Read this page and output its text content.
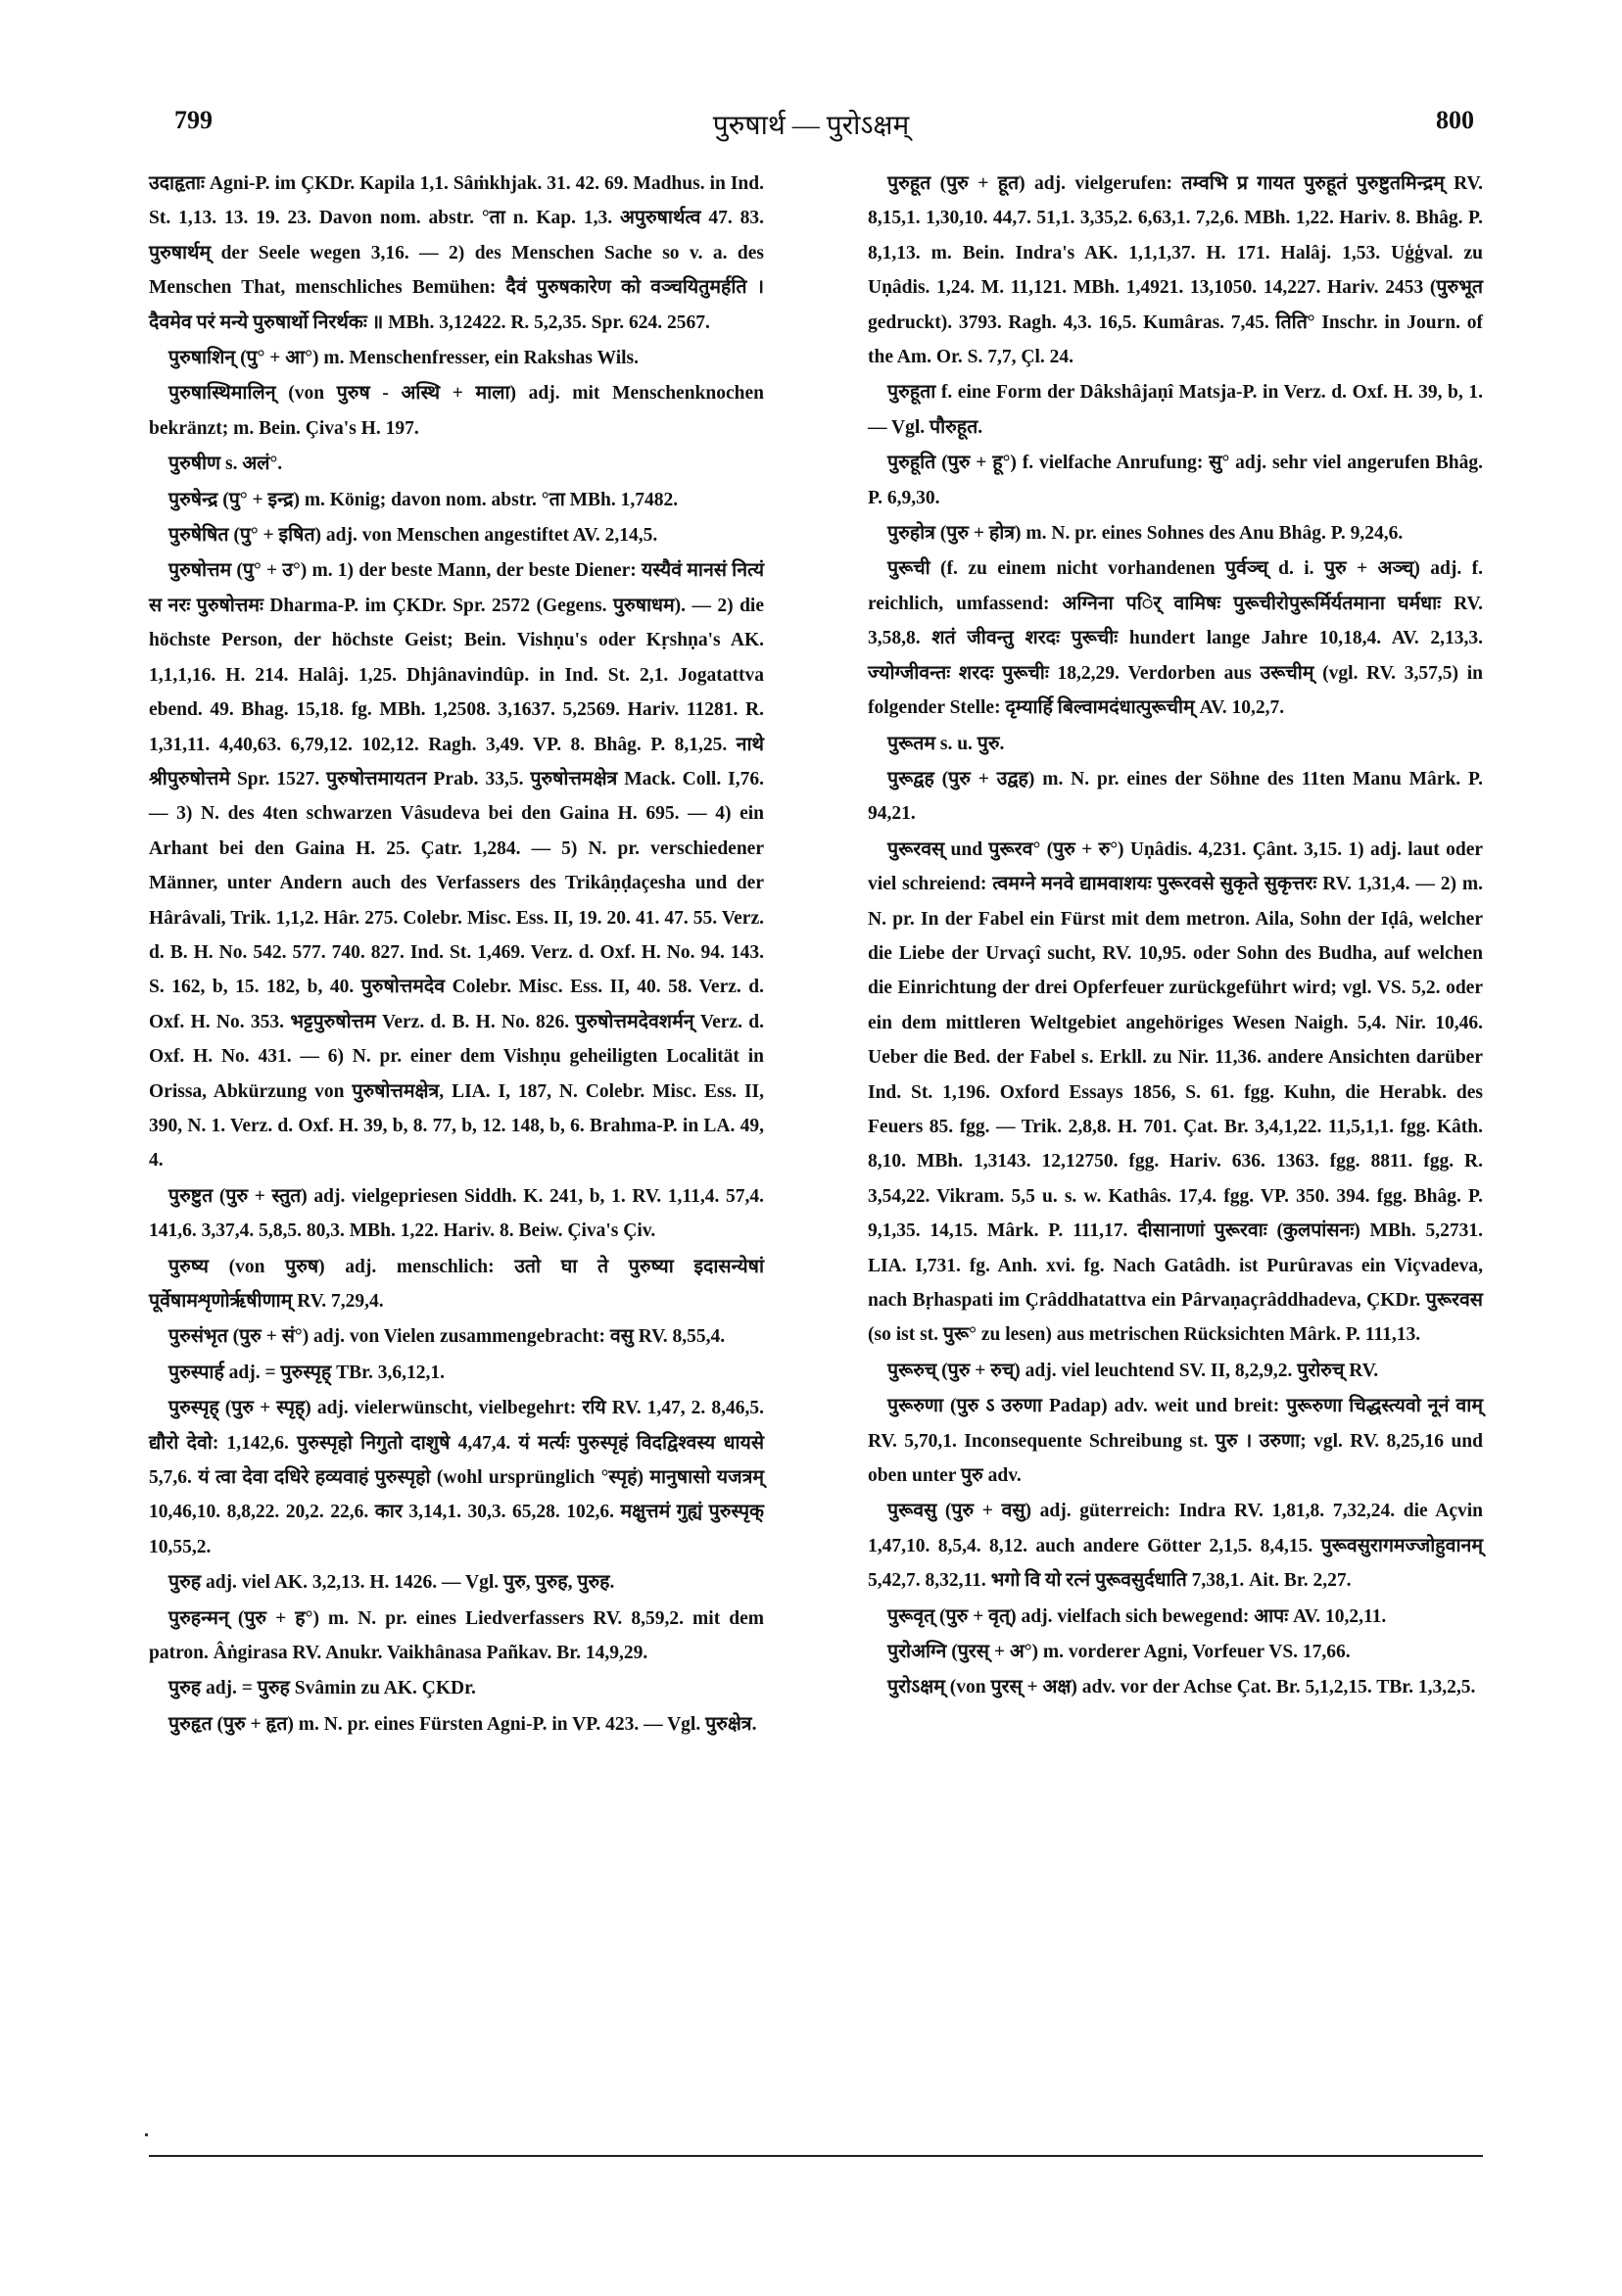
799	पुरुषार्थ — पुरोऽक्षम्	800

उदाहृताः Agni-P. im ÇKDr. Kapila 1,1. Sâṁkhjak. 31. 42. 69. Madhus. in Ind. St. 1,13. 13. 19. 23. Davon nom. abstr. °ता n. Kap. 1,3. अपुरुषार्थत्व 47. 83. पुरुषार्थम् der Seele wegen 3,16. — 2) des Menschen Sache so v. a. des Menschen That, menschliches Bemühen: दैवं पुरुषकारेण को वञ्चयितुमर्हति । दैवमेव परं मन्ये पुरुषार्थो निरर्थकः ॥ MBh. 3,12422. R. 5,2,35. Spr. 624. 2567.

पुरुषाशिन् (पु° + आ°) m. Menschenfresser, ein Rakshas Wils.

पुरुषास्थिमालिन् (von पुरुष - अस्थि + माला) adj. mit Menschenknochen bekränzt; m. Bein. Çiva's H. 197.

पुरुषीण s. अलं°.

पुरुषेन्द्र (पु° + इन्द्र) m. König; davon nom. abstr. °ता MBh. 1,7482.

पुरुषेषित (पु° + इषित) adj. von Menschen angestiftet AV. 2,14,5.

पुरुषोत्तम (पु° + उ°) m. 1) der beste Mann, der beste Diener: यस्यैवं मानसं नित्यं स नरः पुरुषोत्तमः Dharma-P. im ÇKDr. Spr. 2572 (Gegens. पुरुषाधम). — 2) die höchste Person, der höchste Geist; Bein. Vishṇu's oder Kṛshṇa's AK. 1,1,1,16. H. 214. Halâj. 1,25. Dhjânavindûp. in Ind. St. 2,1. Jogatattva ebend. 49. Bhag. 15,18. fg. MBh. 1,2508. 3,1637. 5,2569. Hariv. 11281. R. 1,31,11. 4,40,63. 6,79,12. 102,12. Ragh. 3,49. VP. 8. Bhâg. P. 8,1,25. नाथे श्रीपुरुषोत्तमे Spr. 1527. पुरुषोत्तमायतन Prab. 33,5. पुरुषोत्तमक्षेत्र Mack. Coll. I,76. — 3) N. des 4ten schwarzen Vâsudeva bei den Gaina H. 695. — 4) ein Arhant bei den Gaina H. 25. Çatr. 1,284. — 5) N. pr. verschiedener Männer, unter Andern auch des Verfassers des Trikâṇḍaçesha und der Hârâvali, Trik. 1,1,2. Hâr. 275. Colebr. Misc. Ess. II, 19. 20. 41. 47. 55. Verz. d. B. H. No. 542. 577. 740. 827. Ind. St. 1,469. Verz. d. Oxf. H. No. 94. 143. S. 162, b, 15. 182, b, 40. पुरुषोत्तमदेव Colebr. Misc. Ess. II, 40. 58. Verz. d. Oxf. H. No. 353. भट्टपुरुषोत्तम Verz. d. B. H. No. 826. पुरुषोत्तमदेवशर्मन् Verz. d. Oxf. H. No. 431. — 6) N. pr. einer dem Vishṇu geheiligten Localität in Orissa, Abkürzung von पुरुषोत्तमक्षेत्र, LIA. I, 187, N. Colebr. Misc. Ess. II, 390, N. 1. Verz. d. Oxf. H. 39, b, 8. 77, b, 12. 148, b, 6. Brahma-P. in LA. 49, 4.

पुरुष्टुत (पुरु + स्तुत) adj. vielgepriesen Siddh. K. 241, b, 1. RV. 1,11,4. 57,4. 141,6. 3,37,4. 5,8,5. 80,3. MBh. 1,22. Hariv. 8. Beiw. Çiva's Çiv.

पुरुष्य (von पुरुष) adj. menschlich: उतो घा ते पुरुष्या इदासन्येषां पूर्वेषामशृणोर्ऋषीणाम् RV. 7,29,4.

पुरुसंभृत (पुरु + सं°) adj. von Vielen zusammengebracht: वसु RV. 8,55,4.

पुरुस्पार्ह adj. = पुरुस्पृह् TBr. 3,6,12,1.

पुरुस्पृह् (पुरु + स्पृह्) adj. vielerwünscht, vielbegehrt: रयि RV. 1,47, 2. 8,46,5. द्यौरो देवो: 1,142,6. पुरुस्पृहो निगुतो दाशुषे 4,47,4. यं मर्त्यः पुरुस्पृहं विदद्विश्वस्य धायसे 5,7,6. यं त्वा देवा दधिरे हव्यवाहं पुरुस्पृहो (wohl ursprünglich °स्पृहं) मानुषासो यजत्रम् 10,46,10. 8,8,22. 20,2. 22,6. कार 3,14,1. 30,3. 65,28. 102,6. मक्षुत्तमं गुह्यं पुरुस्पृक् 10,55,2.

पुरुह adj. viel AK. 3,2,13. H. 1426. — Vgl. पुरु, पुरुह, पुरुह.

पुरुहन्मन् (पुरु + ह°) m. N. pr. eines Liedverfassers RV. 8,59,2. mit dem patron. Âṅgirasa RV. Anukr. Vaikhânasa Pañkav. Br. 14,9,29.

पुरुह adj. = पुरुह Svâmin zu AK. ÇKDr.

पुरुहृत (पुरु + हृत) m. N. pr. eines Fürsten Agni-P. in VP. 423. — Vgl. पुरुक्षेत्र.

पुरुहूत (पुरु + हूत) adj. vielgerufen: तम्वभि प्र गायत पुरुहूतं पुरुष्टुतमिन्द्रम् RV. 8,15,1. 1,30,10. 44,7. 51,1. 3,35,2. 6,63,1. 7,2,6. MBh. 1,22. Hariv. 8. Bhâg. P. 8,1,13. m. Bein. Indra's AK. 1,1,1,37. H. 171. Halâj. 1,53. Uģģval. zu Uṇâdis. 1,24. M. 11,121. MBh. 1,4921. 13,1050. 14,227. Hariv. 2453 (पुरुभूत gedruckt). 3793. Ragh. 4,3. 16,5. Kumâras. 7,45. तिति° Inschr. in Journ. of the Am. Or. S. 7,7, Çl. 24.

पुरुहूता f. eine Form der Dâkshâjaṇî Matsja-P. in Verz. d. Oxf. H. 39, b, 1. — Vgl. पौरुहूत.

पुरुहूति (पुरु + हू°) f. vielfache Anrufung: सु° adj. sehr viel angerufen Bhâg. P. 6,9,30.

पुरुहोत्र (पुरु + होत्र) m. N. pr. eines Sohnes des Anu Bhâg. P. 9,24,6.

पुरूची (f. zu einem nicht vorhandenen पुर्वञ्च् d. i. पुरु + अञ्च्) adj. f. reichlich, umfassend: अग्निना पर्ि वामिषः पुरूचीरोपुरूर्मिर्यतमाना घर्मधाः RV. 3,58,8. शतं जीवन्तु शरदः पुरूचीः hundert lange Jahre 10,18,4. AV. 2,13,3. ज्योग्जीवन्तः शरदः पुरूचीः 18,2,29. Verdorben aus उरूचीम् (vgl. RV. 3,57,5) in folgender Stelle: दृम्यार्हि बिल्वामदंधात्पुरूचीम् AV. 10,2,7.

पुरूतम s. u. पुरु.

पुरूद्वह (पुरु + उद्वह) m. N. pr. eines der Söhne des 11ten Manu Mârk. P. 94,21.

पुरूरवस् und पुरूरव° (पुरु + रु°) Uṇâdis. 4,231. Çânt. 3,15. 1) adj. laut oder viel schreiend: त्वमग्ने मनवे द्यामवाशयः पुरूरवसे सुकृते सुकृत्तरः RV. 1,31,4. — 2) m. N. pr. In der Fabel ein Fürst mit dem metron. Aila, Sohn der Iḍâ, welcher die Liebe der Urvaçî sucht, RV. 10,95. oder Sohn des Budha, auf welchen die Einrichtung der drei Opferfeuer zurückgeführt wird; vgl. VS. 5,2. oder ein dem mittleren Weltgebiet angehöriges Wesen Naigh. 5,4. Nir. 10,46. Ueber die Bed. der Fabel s. Erkll. zu Nir. 11,36. andere Ansichten darüber Ind. St. 1,196. Oxford Essays 1856, S. 61. fgg. Kuhn, die Herabk. des Feuers 85. fgg. — Trik. 2,8,8. H. 701. Çat. Br. 3,4,1,22. 11,5,1,1. fgg. Kâth. 8,10. MBh. 1,3143. 12,12750. fgg. Hariv. 636. 1363. fgg. 8811. fgg. R. 3,54,22. Vikram. 5,5 u. s. w. Kathâs. 17,4. fgg. VP. 350. 394. fgg. Bhâg. P. 9,1,35. 14,15. Mârk. P. 111,17. दीसानाणां पुरूरवाः (कुलपांसनः) MBh. 5,2731. LIA. I,731. fg. Anh. xvi. fg. Nach Gatâdh. ist Purûravas ein Viçvadeva, nach Bṛhaspati im Çrâddhatattva ein Pârvaṇaçrâddhadeva, ÇKDr. पुरूरवस (so ist st. पुरू° zu lesen) aus metrischen Rücksichten Mârk. P. 111,13.

पुरूरुच् (पुरु + रुच्) adj. viel leuchtend SV. II, 8,2,9,2. पुरोरुच् RV.

पुरूरुणा (पुरु ऽ उरुणा Padap) adv. weit und breit: पुरूरुणा चिद्धस्त्यवो नूनं वाम् RV. 5,70,1. Inconsequente Schreibung st. पुरु । उरुणा; vgl. RV. 8,25,16 und oben unter पुरु adv.

पुरूवसु (पुरु + वसु) adj. güterreich: Indra RV. 1,81,8. 7,32,24. die Açvin 1,47,10. 8,5,4. 8,12. auch andere Götter 2,1,5. 8,4,15. पुरूवसुरागमज्जोहुवानम् 5,42,7. 8,32,11. भगो वि यो रत्नं पुरूवसुर्दधाति 7,38,1. Ait. Br. 2,27.

पुरूवृत् (पुरु + वृत्) adj. vielfach sich bewegend: आपः AV. 10,2,11.

पुरोअग्नि (पुरस् + अ°) m. vorderer Agni, Vorfeuer VS. 17,66.

पुरोऽक्षम् (von पुरस् + अक्ष) adv. vor der Achse Çat. Br. 5,1,2,15. TBr. 1,3,2,5.
